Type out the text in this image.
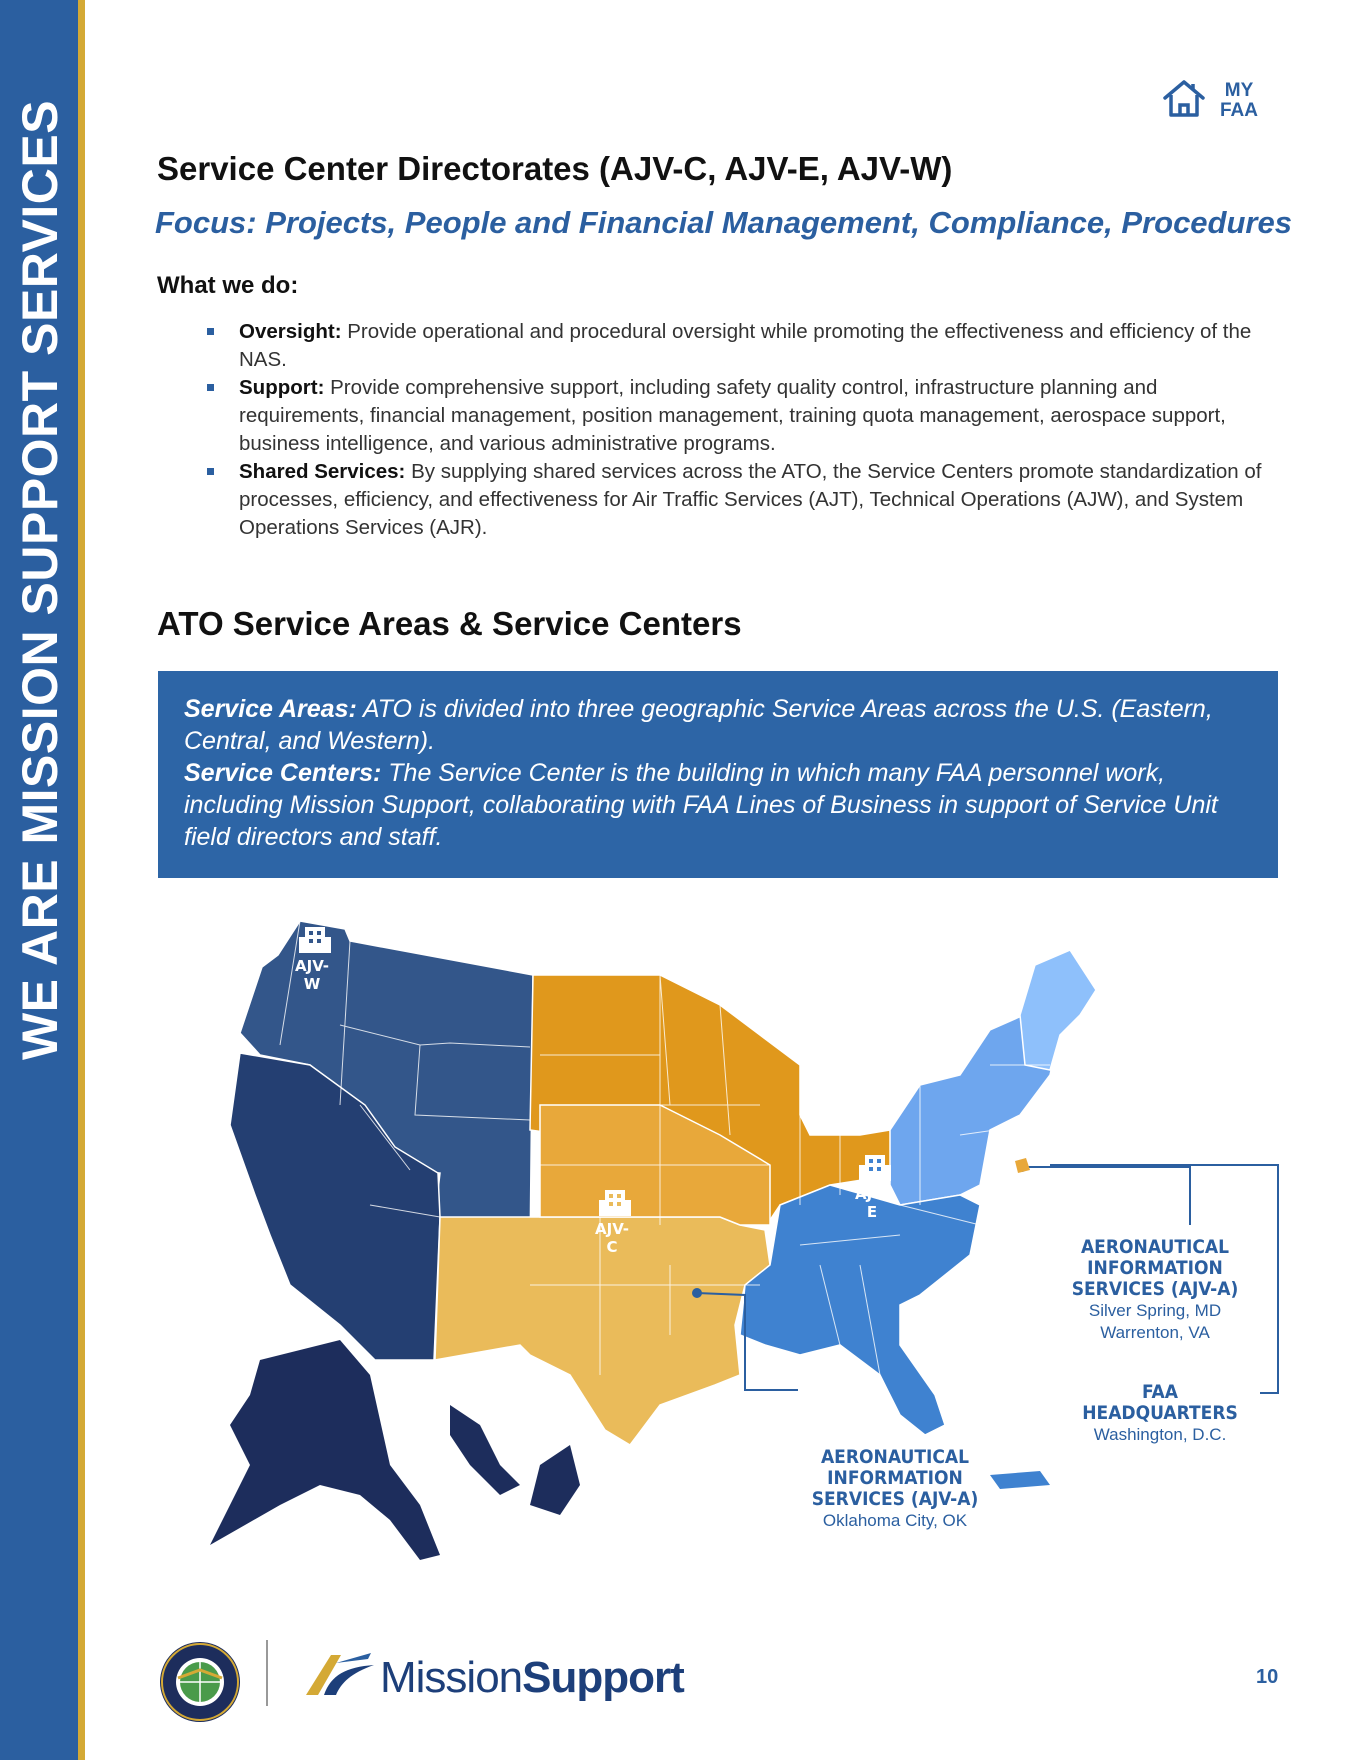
WE ARE MISSION SUPPORT SERVICES
MY
FAA
Service Center Directorates (AJV-C, AJV-E, AJV-W)

Focus: Projects, People and Financial Management, Compliance, Procedures

What we do:

Oversight: Provide operational and procedural oversight while promoting the effectiveness and efficiency of the NAS.
Support: Provide comprehensive support, including safety quality control, infrastructure planning and requirements, financial management, position management, training quota management, aerospace support, business intelligence, and various administrative programs.
Shared Services: By supplying shared services across the ATO, the Service Centers promote standardization of processes, efficiency, and effectiveness for Air Traffic Services (AJT), Technical Operations (AJW), and System Operations Services (AJR).
ATO Service Areas & Service Centers
Service Areas: ATO is divided into three geographic Service Areas across the U.S. (Eastern, Central, and Western).
Service Centers: The Service Center is the building in which many FAA personnel work, including Mission Support, collaborating with FAA Lines of Business in support of Service Unit field directors and staff.
AJV-W
AJV-C
AJV-E
AERONAUTICAL
INFORMATION
SERVICES (AJV-A)
Silver Spring, MD
Warrenton, VA
FAA HEADQUARTERS
Washington, D.C.
AERONAUTICAL
INFORMATION
SERVICES (AJV-A)
Oklahoma City, OK
MissionSupport	10
